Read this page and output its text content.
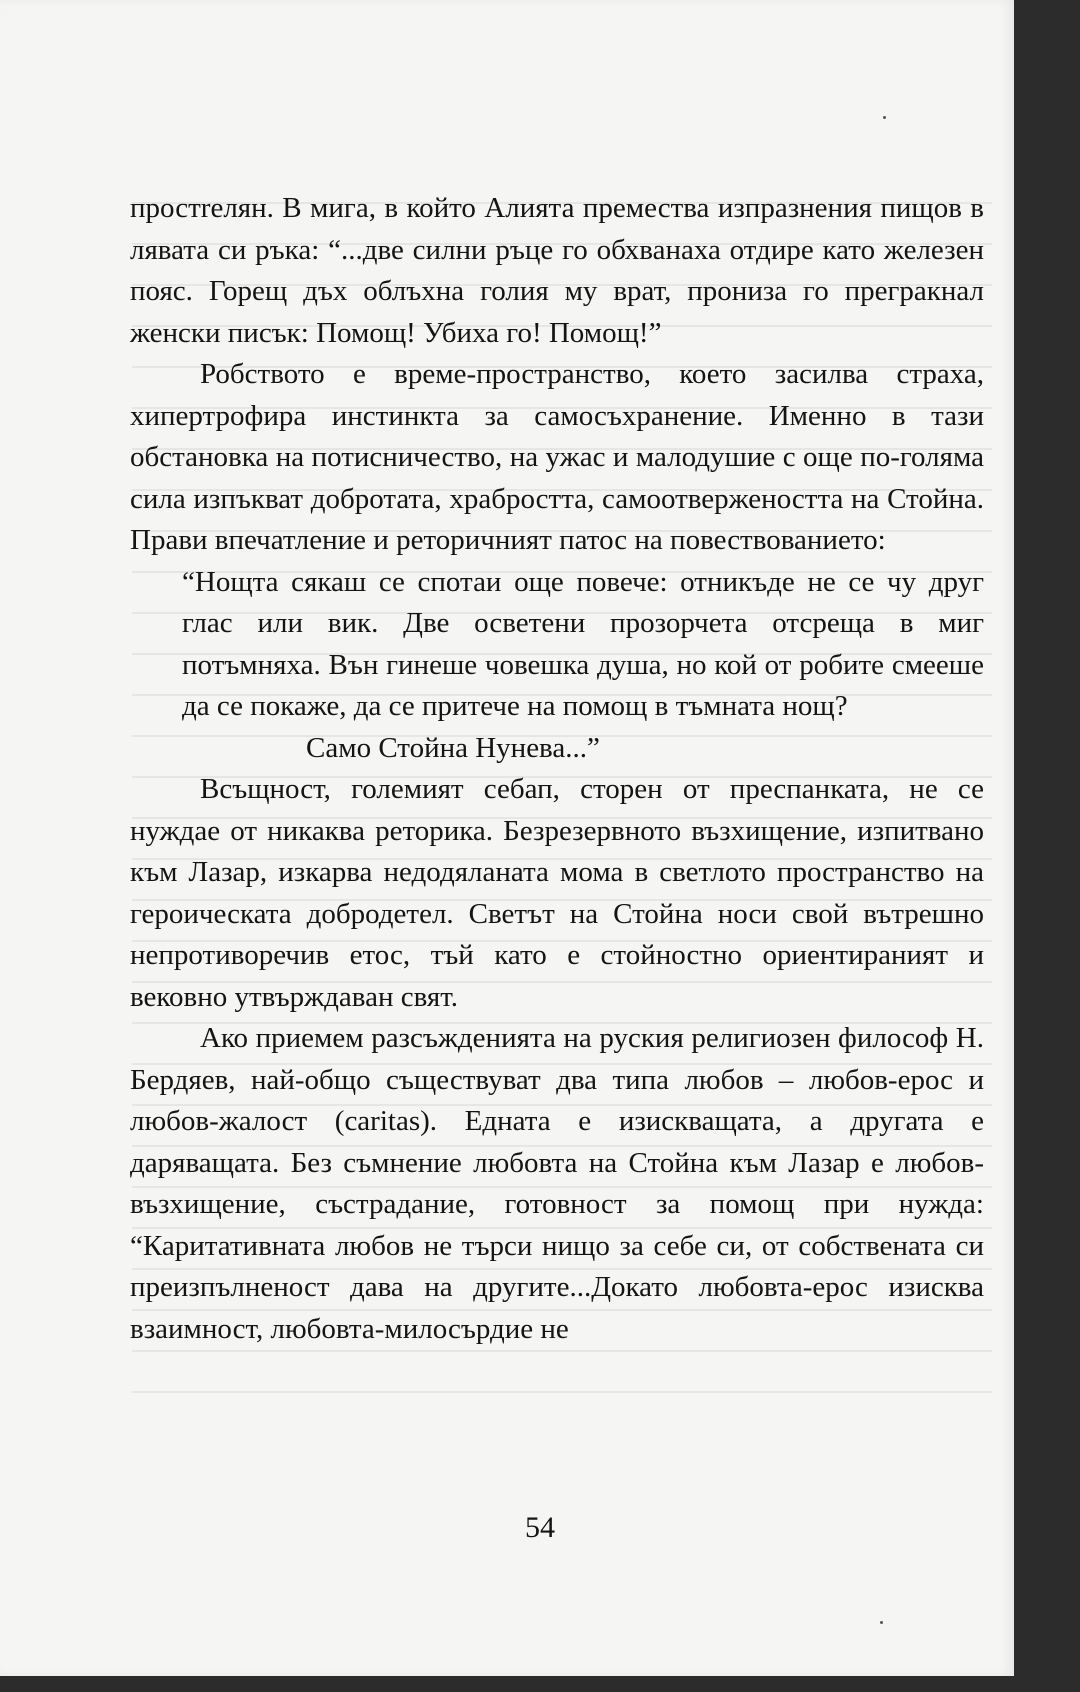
простreлян. В мига, в който Алията премества изпразнения пищов в лявата си ръка: “...две силни ръце го обхванаха отдире като железен пояс. Горещ дъх облъхна голия му врат, прониза го прегракнал женски писък: Помощ! Убиха го! Помощ!”

Робството е време-пространство, което засилва страха, хипертрофира инстинкта за самосъхранение. Именно в тази обстановка на потисничество, на ужас и малодушие с още по-голяма сила изпъкват добротата, храбростта, самоотвержеността на Стойна. Прави впечатление и реторичният патос на повествованието:

“Нощта сякаш се спотаи още повече: отникъде не се чу друг глас или вик. Две осветени прозорчета отсреща в миг потъмняха. Вън гинеше човешка душа, но кой от робите смееше да се покаже, да се притече на помощ в тъмната нощ?

Само Стойна Нунева...”

Всъщност, големият себап, сторен от преспанката, не се нуждае от никаква реторика. Безрезервното възхищение, изпитвано към Лазар, изкарва недодяланата мома в светлото пространство на героическата добродетел. Светът на Стойна носи свой вътрешно непротиворечив етос, тъй като е стойностно ориентираният и вековно утвърждаван свят.

Ако приемем разсъжденията на руския религиозен философ Н. Бердяев, най-общо съществуват два типа любов – любов-ерос и любов-жалост (caritas). Едната е изискващата, а другата е даряващата. Без съмнение любовта на Стойна към Лазар е любов-възхищение, състрадание, готовност за помощ при нужда: “Каритативната любов не търси нищо за себе си, от собствената си преизпълненост дава на другите...Докато любовта-ерос изисква взаимност, любовта-милосърдие не

54
